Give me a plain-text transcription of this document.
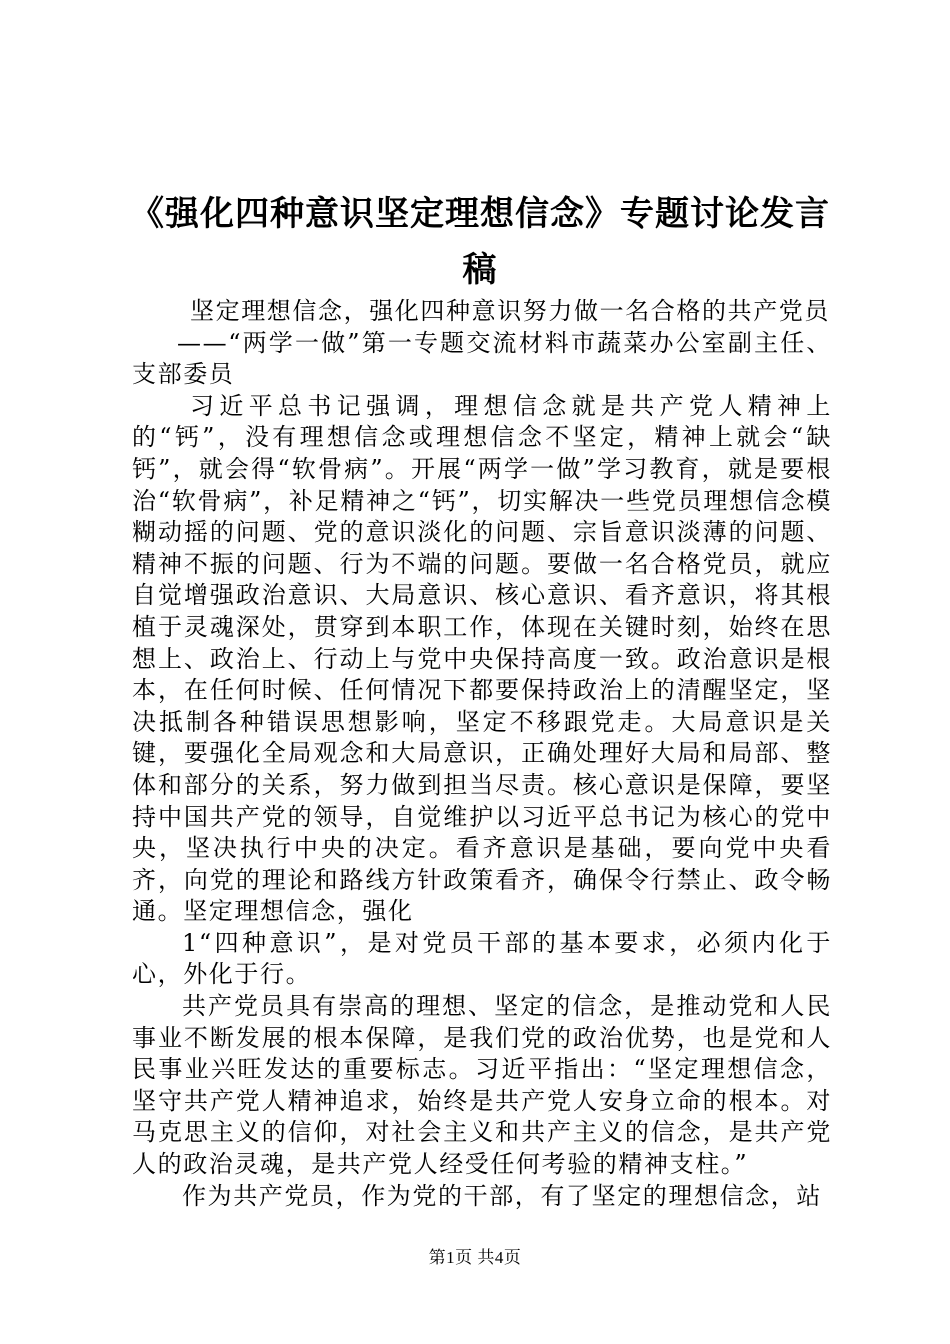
《强化四种意识坚定理想信念》专题讨论发言稿

坚定理想信念，强化四种意识努力做一名合格的共产党员

——“两学一做”第一专题交流材料市蔬菜办公室副主任、支部委员

习近平总书记强调，理想信念就是共产党人精神上的“钙”，没有理想信念或理想信念不坚定，精神上就会“缺钙”，就会得“软骨病”。开展“两学一做”学习教育，就是要根治“软骨病”，补足精神之“钙”，切实解决一些党员理想信念模糊动摇的问题、党的意识淡化的问题、宗旨意识淡薄的问题、精神不振的问题、行为不端的问题。要做一名合格党员，就应自觉增强政治意识、大局意识、核心意识、看齐意识，将其根植于灵魂深处，贯穿到本职工作，体现在关键时刻，始终在思想上、政治上、行动上与党中央保持高度一致。政治意识是根本，在任何时候、任何情况下都要保持政治上的清醒坚定，坚决抵制各种错误思想影响，坚定不移跟党走。大局意识是关键，要强化全局观念和大局意识，正确处理好大局和局部、整体和部分的关系，努力做到担当尽责。核心意识是保障，要坚持中国共产党的领导，自觉维护以习近平总书记为核心的党中央，坚决执行中央的决定。看齐意识是基础，要向党中央看齐，向党的理论和路线方针政策看齐，确保令行禁止、政令畅通。坚定理想信念，强化

1“四种意识”，是对党员干部的基本要求，必须内化于心，外化于行。

共产党员具有崇高的理想、坚定的信念，是推动党和人民事业不断发展的根本保障，是我们党的政治优势，也是党和人民事业兴旺发达的重要标志。习近平指出：“坚定理想信念，坚守共产党人精神追求，始终是共产党人安身立命的根本。对马克思主义的信仰，对社会主义和共产主义的信念，是共产党人的政治灵魂，是共产党人经受任何考验的精神支柱。”

作为共产党员，作为党的干部，有了坚定的理想信念，站

第1页 共4页
